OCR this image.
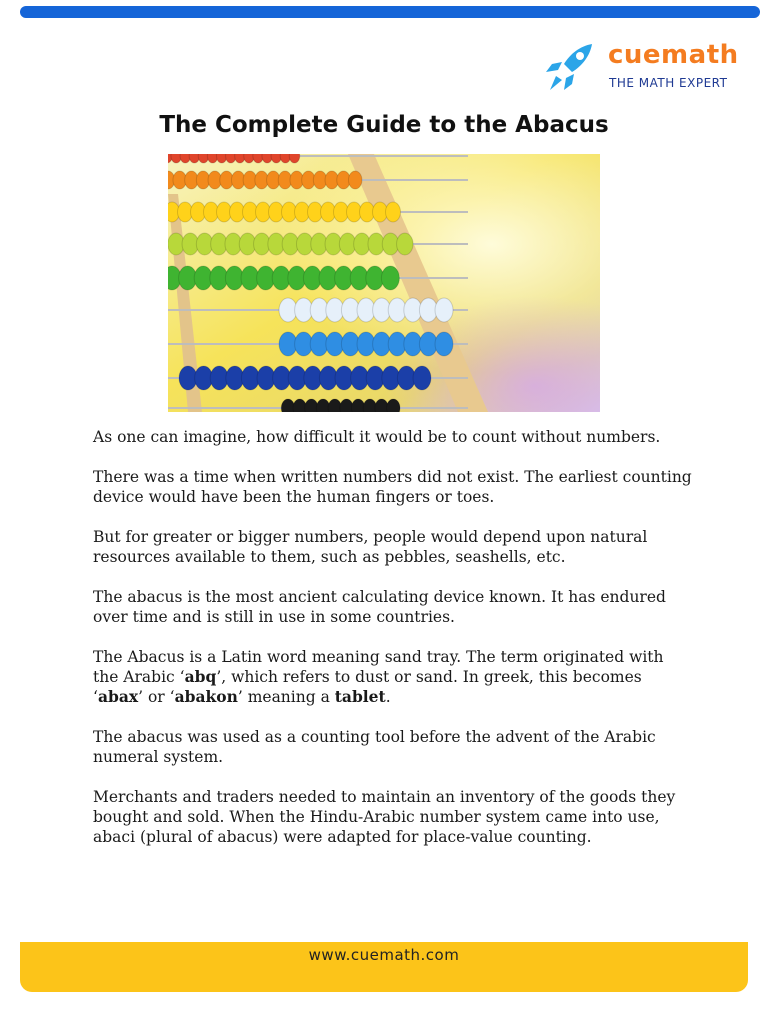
cuemath
THE MATH EXPERT
The Complete Guide to the Abacus

As one can imagine, how difficult it would be to count without numbers.

There was a time when written numbers did not exist. The earliest counting device would have been the human fingers or toes.

But for greater or bigger numbers, people would depend upon natural resources available to them, such as pebbles, seashells, etc.

The abacus is the most ancient calculating device known. It has endured over time and is still in use in some countries.

The Abacus is a Latin word meaning sand tray. The term originated with the Arabic ‘abq’, which refers to dust or sand. In greek, this becomes ‘abax’ or ‘abakon’ meaning a tablet.

The abacus was used as a counting tool before the advent of the Arabic numeral system.

Merchants and traders needed to maintain an inventory of the goods they bought and sold. When the Hindu-Arabic number system came into use, abaci (plural of abacus) were adapted for place-value counting.

www.cuemath.com
